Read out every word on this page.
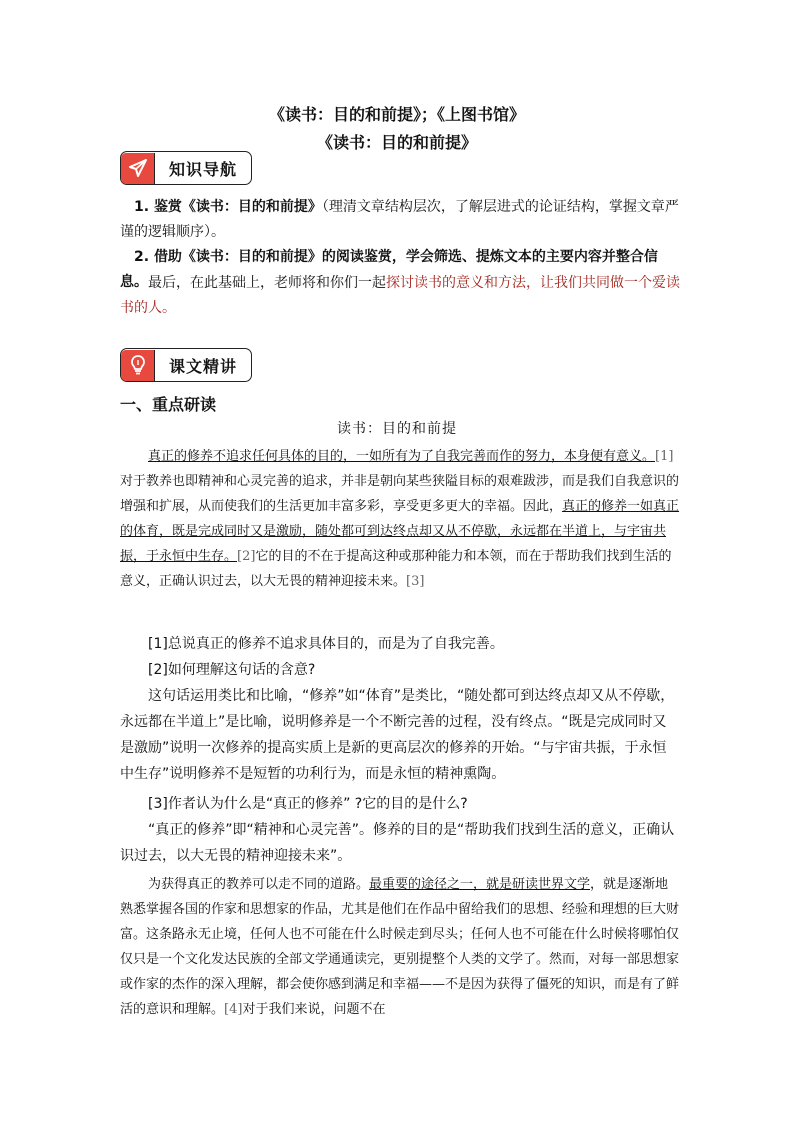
《读书：目的和前提》；《上图书馆》
《读书：目的和前提》
知识导航
 1. 鉴赏《读书：目的和前提》（理清文章结构层次，了解层进式的论证结构，掌握文章严谨的逻辑顺序）。
2. 借助《读书：目的和前提》的阅读鉴赏，学会筛选、提炼文本的主要内容并整合信息。 最后，在此基础上，老师将和你们一起探讨读书的意义和方法，让我们共同做一个爱读书的人。
课文精讲
一、重点研读
读书：目的和前提
真正的修养不追求任何具体的目的，一如所有为了自我完善而作的努力，本身便有意义。[1]对于教养也即精神和心灵完善的追求，并非是朝向某些狭隘目标的艰难跋涉，而是我们自我意识的增强和扩展，从而使我们的生活更加丰富多彩，享受更多更大的幸福。因此，真正的修养一如真正的体育，既是完成同时又是激励，随处都可到达终点却又从不停歇，永远都在半道上，与宇宙共振，于永恒中生存。[2]它的目的不在于提高这种或那种能力和本领，而在于帮助我们找到生活的意义，正确认识过去，以大无畏的精神迎接未来。[3]
[1]总说真正的修养不追求具体目的，而是为了自我完善。
[2]如何理解这句话的含意?
这句话运用类比和比喻，“修养”如“体育”是类比，“随处都可到达终点却又从不停歇，永远都在半道上”是比喻，说明修养是一个不断完善的过程，没有终点。“既是完成同时又是激励”说明一次修养的提高实质上是新的更高层次的修养的开始。“与宇宙共振，于永恒中生存”说明修养不是短暂的功利行为，而是永恒的精神熏陶。
[3]作者认为什么是“真正的修养” ?它的目的是什么?
“真正的修养”即“精神和心灵完善”。修养的目的是“帮助我们找到生活的意义，正确认识过去，以大无畏的精神迎接未来”。
为获得真正的教养可以走不同的道路。最重要的途径之一，就是研读世界文学，就是逐渐地熟悉掌握各国的作家和思想家的作品，尤其是他们在作品中留给我们的思想、经验和理想的巨大财富。这条路永无止境，任何人也不可能在什么时候走到尽头；任何人也不可能在什么时候将哪怕仅仅只是一个文化发达民族的全部文学通通读完，更别提整个人类的文学了。然而，对每一部思想家或作家的杰作的深入理解，都会使你感到满足和幸福——不是因为获得了僵死的知识，而是有了鲜活的意识和理解。[4]对于我们来说，问题不在
